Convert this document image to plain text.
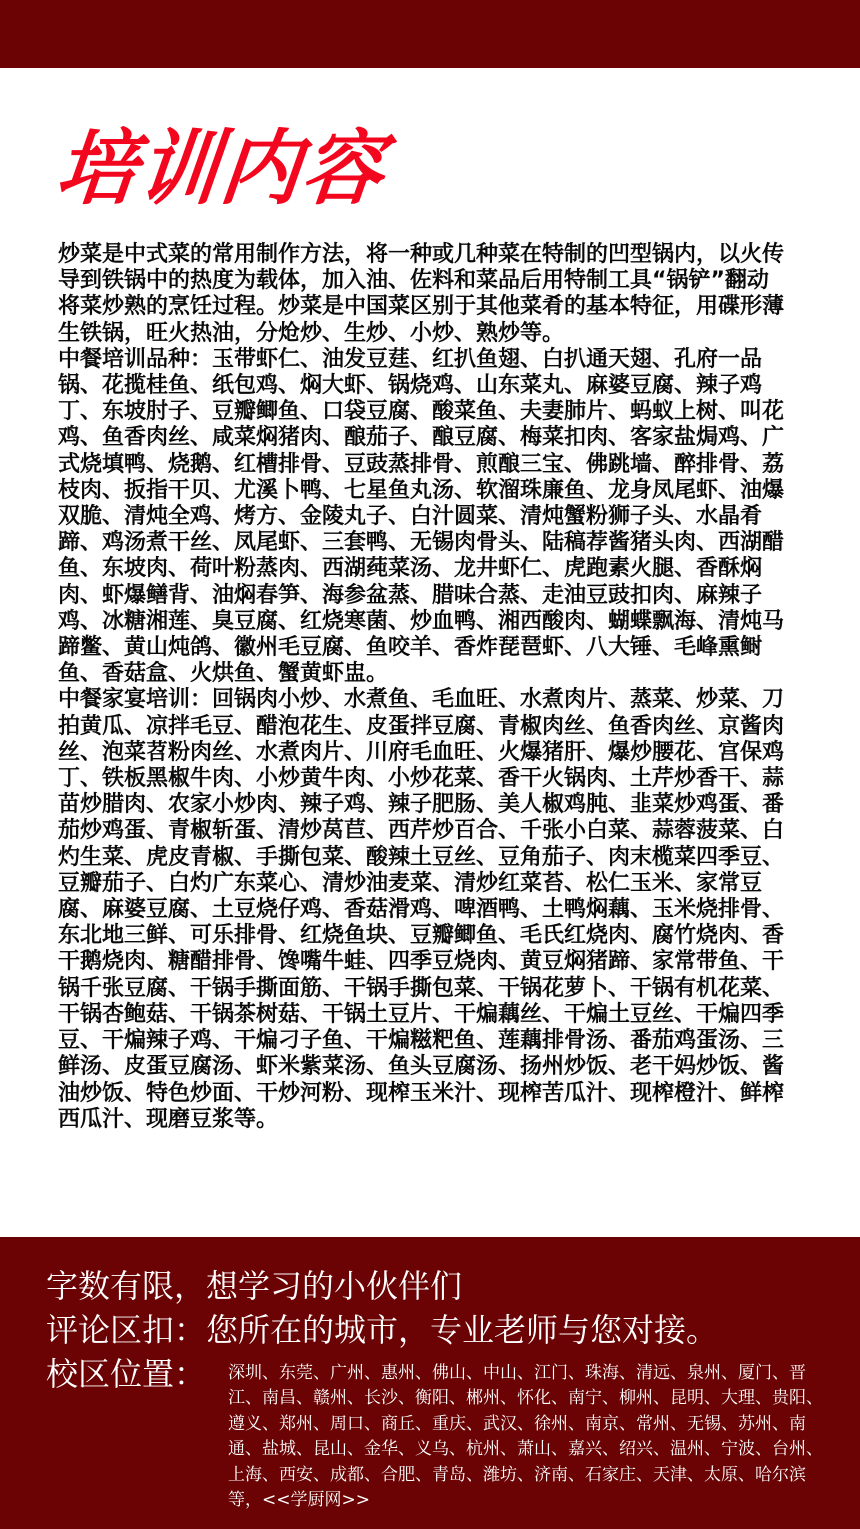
培训内容

炒菜是中式菜的常用制作方法，将一种或几种菜在特制的凹型锅内，以火传导到铁锅中的热度为载体，加入油、佐料和菜品后用特制工具“锅铲”翻动将菜炒熟的烹饪过程。炒菜是中国菜区别于其他菜肴的基本特征，用碟形薄生铁锅，旺火热油，分炝炒、生炒、小炒、熟炒等。

中餐培训品种：玉带虾仁、油发豆莛、红扒鱼翅、白扒通天翅、孔府一品锅、花揽桂鱼、纸包鸡、焖大虾、锅烧鸡、山东菜丸、麻婆豆腐、辣子鸡丁、东坡肘子、豆瓣鲫鱼、口袋豆腐、酸菜鱼、夫妻肺片、蚂蚁上树、叫花鸡、鱼香肉丝、咸菜焖猪肉、酿茄子、酿豆腐、梅菜扣肉、客家盐焗鸡、广式烧填鸭、烧鹅、红槽排骨、豆豉蒸排骨、煎酿三宝、佛跳墙、醉排骨、荔枝肉、扳指干贝、尤溪卜鸭、七星鱼丸汤、软溜珠廉鱼、龙身凤尾虾、油爆双脆、清炖全鸡、烤方、金陵丸子、白汁圆菜、清炖蟹粉狮子头、水晶肴蹄、鸡汤煮干丝、凤尾虾、三套鸭、无锡肉骨头、陆稿荐酱猪头肉、西湖醋鱼、东坡肉、荷叶粉蒸肉、西湖莼菜汤、龙井虾仁、虎跑素火腿、香酥焖肉、虾爆鳝背、油焖春笋、海参盆蒸、腊味合蒸、走油豆豉扣肉、麻辣子鸡、冰糖湘莲、臭豆腐、红烧寒菌、炒血鸭、湘西酸肉、蝴蝶飘海、清炖马蹄鳖、黄山炖鸽、徽州毛豆腐、鱼咬羊、香炸琵琶虾、八大锤、毛峰熏鲥鱼、香菇盒、火烘鱼、蟹黄虾盅。

中餐家宴培训：回锅肉小炒、水煮鱼、毛血旺、水煮肉片、蒸菜、炒菜、刀拍黄瓜、凉拌毛豆、醋泡花生、皮蛋拌豆腐、青椒肉丝、鱼香肉丝、京酱肉丝、泡菜苕粉肉丝、水煮肉片、川府毛血旺、火爆猪肝、爆炒腰花、宫保鸡丁、铁板黑椒牛肉、小炒黄牛肉、小炒花菜、香干火锅肉、土芹炒香干、蒜苗炒腊肉、农家小炒肉、辣子鸡、辣子肥肠、美人椒鸡肫、韭菜炒鸡蛋、番茄炒鸡蛋、青椒斩蛋、清炒莴苣、西芹炒百合、千张小白菜、蒜蓉菠菜、白灼生菜、虎皮青椒、手撕包菜、酸辣土豆丝、豆角茄子、肉末榄菜四季豆、豆瓣茄子、白灼广东菜心、清炒油麦菜、清炒红菜苔、松仁玉米、家常豆腐、麻婆豆腐、土豆烧仔鸡、香菇滑鸡、啤酒鸭、土鸭焖藕、玉米烧排骨、东北地三鲜、可乐排骨、红烧鱼块、豆瓣鲫鱼、毛氏红烧肉、腐竹烧肉、香干鹅烧肉、糖醋排骨、馋嘴牛蛙、四季豆烧肉、黄豆焖猪蹄、家常带鱼、干锅千张豆腐、干锅手撕面筋、干锅手撕包菜、干锅花萝卜、干锅有机花菜、干锅杏鲍菇、干锅茶树菇、干锅土豆片、干煸藕丝、干煸土豆丝、干煸四季豆、干煸辣子鸡、干煸刁子鱼、干煸糍粑鱼、莲藕排骨汤、番茄鸡蛋汤、三鲜汤、皮蛋豆腐汤、虾米紫菜汤、鱼头豆腐汤、扬州炒饭、老干妈炒饭、酱油炒饭、特色炒面、干炒河粉、现榨玉米汁、现榨苦瓜汁、现榨橙汁、鲜榨西瓜汁、现磨豆浆等。

字数有限，想学习的小伙伴们
评论区扣：您所在的城市，专业老师与您对接。
校区位置： 深圳、东莞、广州、惠州、佛山、中山、江门、珠海、清远、泉州、厦门、晋江、南昌、赣州、长沙、衡阳、郴州、怀化、南宁、柳州、昆明、大理、贵阳、遵义、郑州、周口、商丘、重庆、武汉、徐州、南京、常州、无锡、苏州、南通、盐城、昆山、金华、义乌、杭州、萧山、嘉兴、绍兴、温州、宁波、台州、上海、西安、成都、合肥、青岛、潍坊、济南、石家庄、天津、太原、哈尔滨等，<<学厨网>>
